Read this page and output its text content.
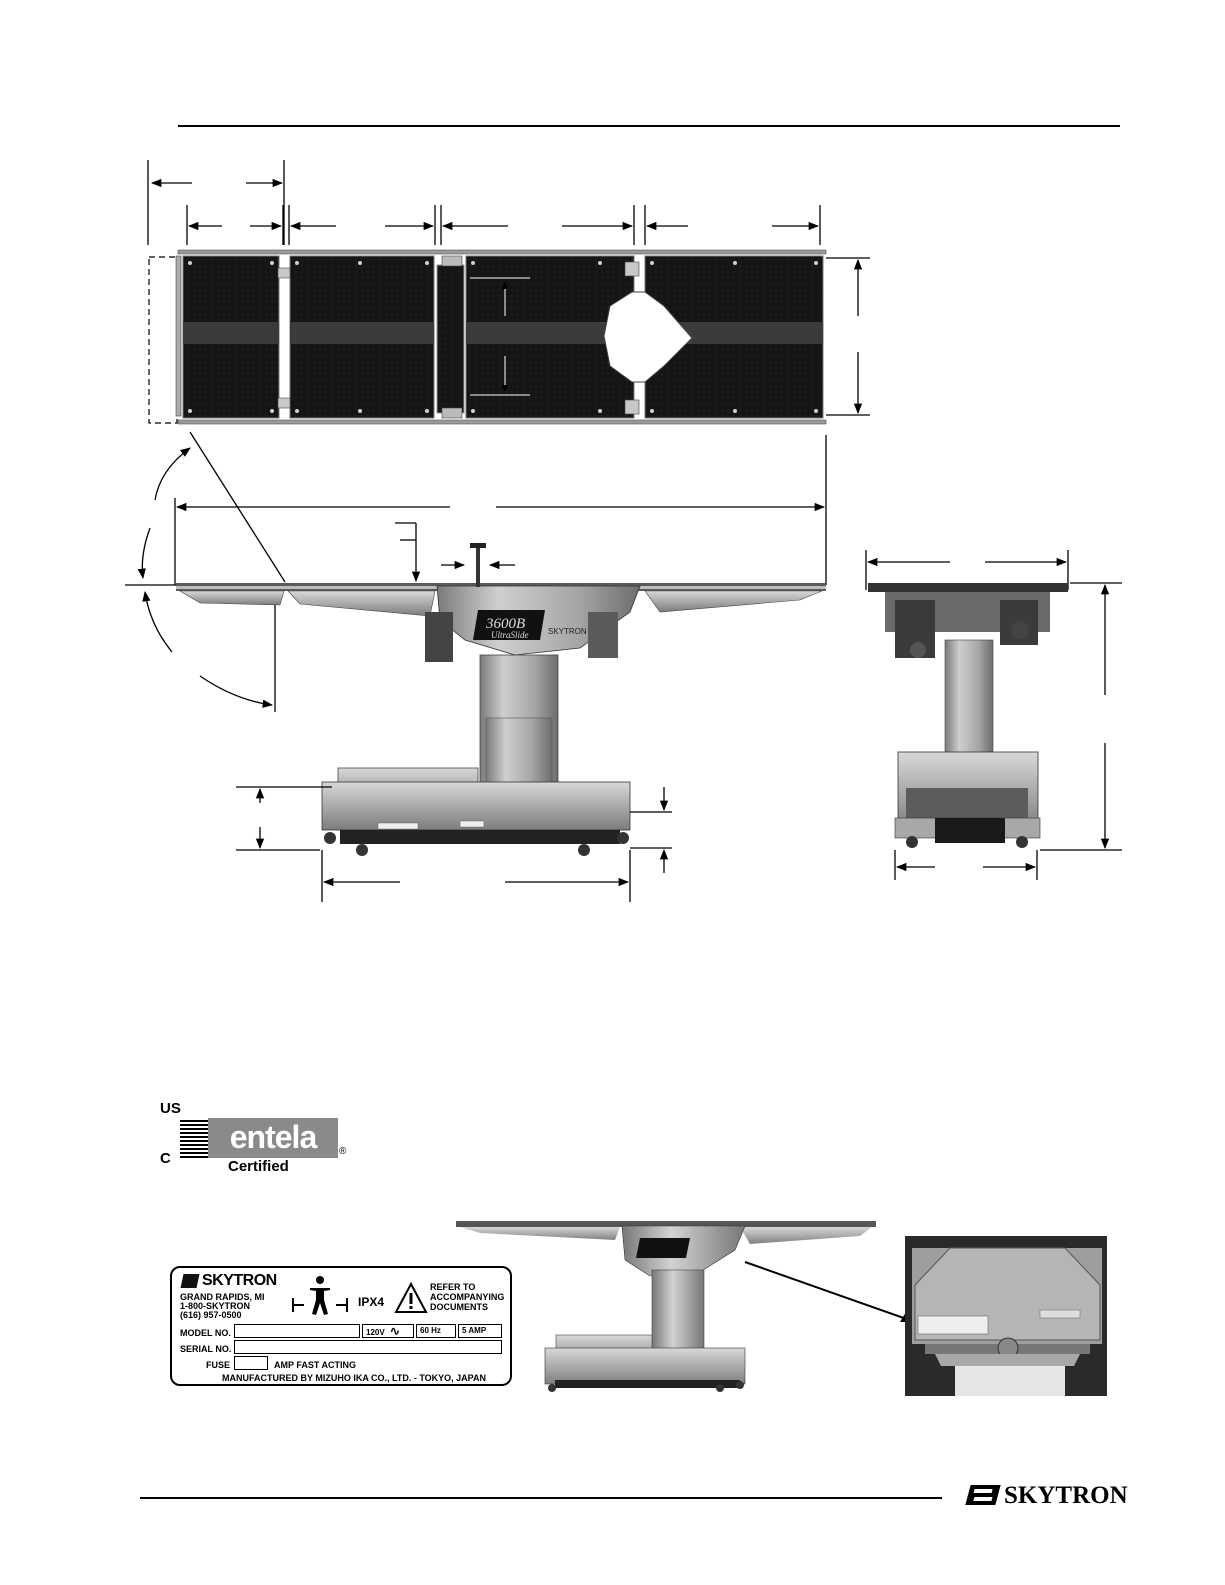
3600B
UltraSlide SKYTRON
US
C
entela	®
Certified
SKYTRON
GRAND RAPIDS, MI
1-800-SKYTRON
(616) 957-0500
IPX4
REFER TO
ACCOMPANYING
DOCUMENTS
MODEL NO.	120V ∿	60 Hz	5 AMP
SERIAL NO.
FUSE	AMP FAST ACTING
MANUFACTURED BY MIZUHO IKA CO., LTD. - TOKYO, JAPAN
SKYTRON
